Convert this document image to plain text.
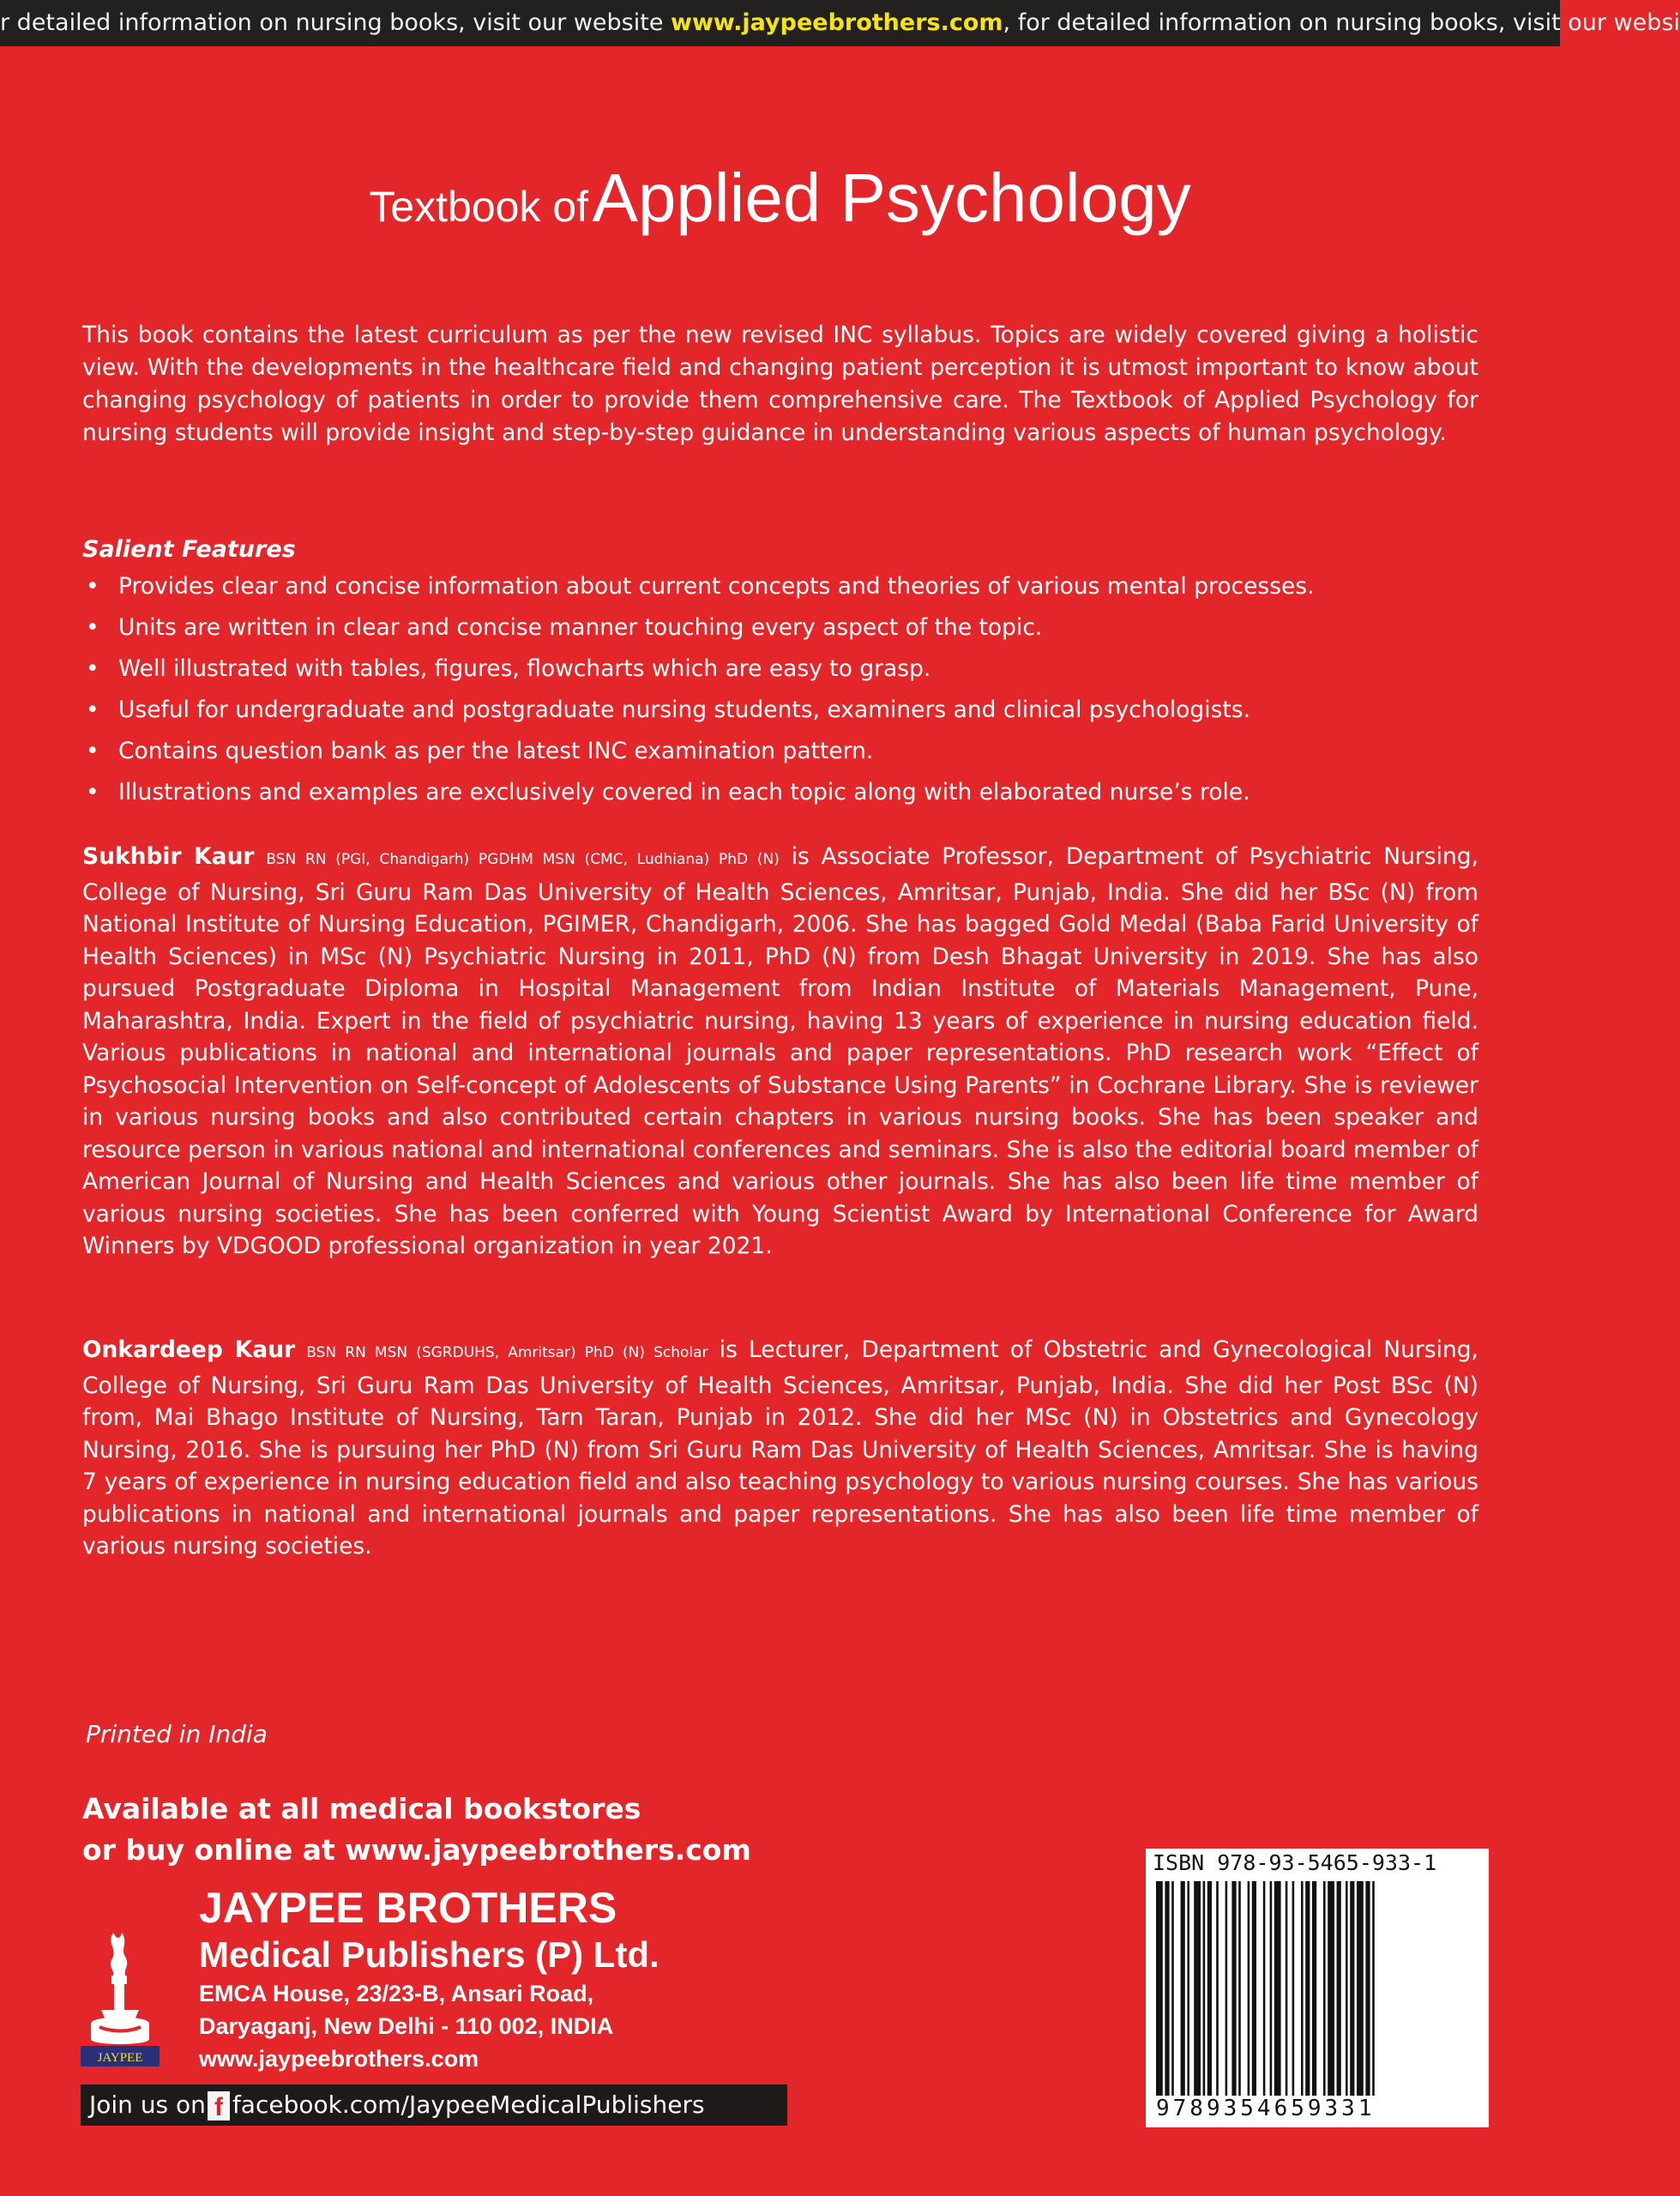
r detailed information on nursing books, visit our website www.jaypeebrothers.com, for detailed information on nursing books, visit our websi
Textbook of Applied Psychology
This book contains the latest curriculum as per the new revised INC syllabus. Topics are widely covered giving a holistic view. With the developments in the healthcare field and changing patient perception it is utmost important to know about changing psychology of patients in order to provide them comprehensive care. The Textbook of Applied Psychology for nursing students will provide insight and step-by-step guidance in understanding various aspects of human psychology.
Salient Features
• Provides clear and concise information about current concepts and theories of various mental processes.
• Units are written in clear and concise manner touching every aspect of the topic.
• Well illustrated with tables, figures, flowcharts which are easy to grasp.
• Useful for undergraduate and postgraduate nursing students, examiners and clinical psychologists.
• Contains question bank as per the latest INC examination pattern.
• Illustrations and examples are exclusively covered in each topic along with elaborated nurse’s role.
Sukhbir Kaur BSN RN (PGI, Chandigarh) PGDHM MSN (CMC, Ludhiana) PhD (N) is Associate Professor, Department of Psychiatric Nursing, College of Nursing, Sri Guru Ram Das University of Health Sciences, Amritsar, Punjab, India. She did her BSc (N) from National Institute of Nursing Education, PGIMER, Chandigarh, 2006. She has bagged Gold Medal (Baba Farid University of Health Sciences) in MSc (N) Psychiatric Nursing in 2011, PhD (N) from Desh Bhagat University in 2019. She has also pursued Postgraduate Diploma in Hospital Management from Indian Institute of Materials Management, Pune, Maharashtra, India. Expert in the field of psychiatric nursing, having 13 years of experience in nursing education field. Various publications in national and international journals and paper representations. PhD research work “Effect of Psychosocial Intervention on Self-concept of Adolescents of Substance Using Parents” in Cochrane Library. She is reviewer in various nursing books and also contributed certain chapters in various nursing books. She has been speaker and resource person in various national and international conferences and seminars. She is also the editorial board member of American Journal of Nursing and Health Sciences and various other journals. She has also been life time member of various nursing societies. She has been conferred with Young Scientist Award by International Conference for Award Winners by VDGOOD professional organization in year 2021.
Onkardeep Kaur BSN RN MSN (SGRDUHS, Amritsar) PhD (N) Scholar is Lecturer, Department of Obstetric and Gynecological Nursing, College of Nursing, Sri Guru Ram Das University of Health Sciences, Amritsar, Punjab, India. She did her Post BSc (N) from, Mai Bhago Institute of Nursing, Tarn Taran, Punjab in 2012. She did her MSc (N) in Obstetrics and Gynecology Nursing, 2016. She is pursuing her PhD (N) from Sri Guru Ram Das University of Health Sciences, Amritsar. She is having 7 years of experience in nursing education field and also teaching psychology to various nursing courses. She has various publications in national and international journals and paper representations. She has also been life time member of various nursing societies.
Printed in India
Available at all medical bookstores
or buy online at www.jaypeebrothers.com
JAYPEE
JAYPEE BROTHERS
Medical Publishers (P) Ltd.
EMCA House, 23/23-B, Ansari Road,
Daryaganj, New Delhi - 110 002, INDIA
www.jaypeebrothers.com
Join us on f facebook.com/JaypeeMedicalPublishers
ISBN 978-93-5465-933-1
9789354659331
